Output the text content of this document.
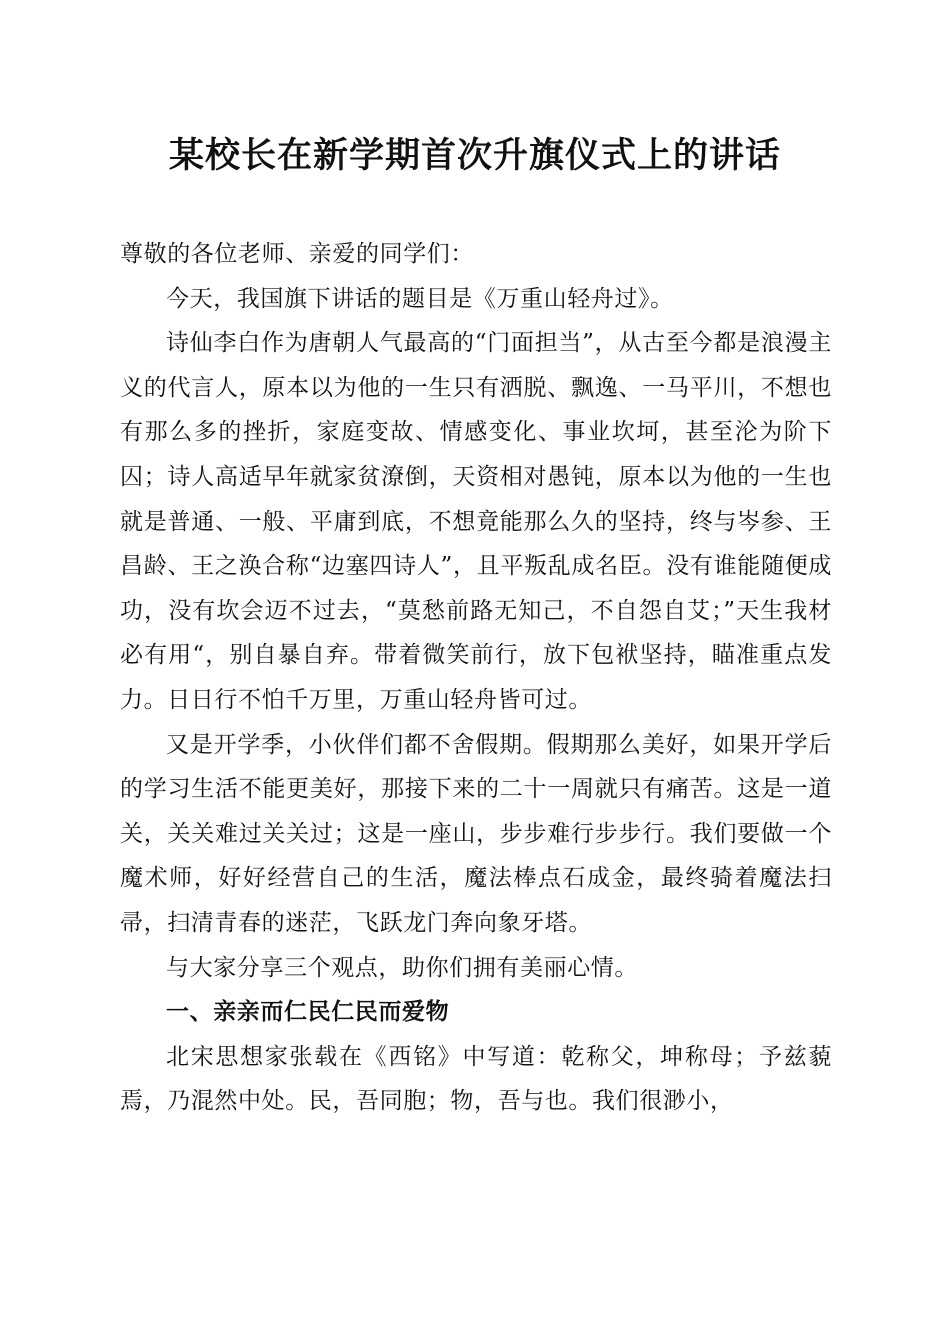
某校长在新学期首次升旗仪式上的讲话

尊敬的各位老师、亲爱的同学们：

今天，我国旗下讲话的题目是《万重山轻舟过》。

诗仙李白作为唐朝人气最高的“门面担当”，从古至今都是浪漫主义的代言人，原本以为他的一生只有洒脱、飘逸、一马平川，不想也有那么多的挫折，家庭变故、情感变化、事业坎坷，甚至沦为阶下囚；诗人高适早年就家贫潦倒，天资相对愚钝，原本以为他的一生也就是普通、一般、平庸到底，不想竟能那么久的坚持，终与岑参、王昌龄、王之涣合称“边塞四诗人”，且平叛乱成名臣。没有谁能随便成功，没有坎会迈不过去，“莫愁前路无知己，不自怨自艾；”天生我材必有用“，别自暴自弃。带着微笑前行，放下包袱坚持，瞄准重点发力。日日行不怕千万里，万重山轻舟皆可过。

又是开学季，小伙伴们都不舍假期。假期那么美好，如果开学后的学习生活不能更美好，那接下来的二十一周就只有痛苦。这是一道关，关关难过关关过；这是一座山，步步难行步步行。我们要做一个魔术师，好好经营自己的生活，魔法棒点石成金，最终骑着魔法扫帚，扫清青春的迷茫，飞跃龙门奔向象牙塔。

与大家分享三个观点，助你们拥有美丽心情。

一、亲亲而仁民仁民而爱物

北宋思想家张载在《西铭》中写道：乾称父，坤称母；予兹藐焉，乃混然中处。民，吾同胞；物，吾与也。我们很渺小，
